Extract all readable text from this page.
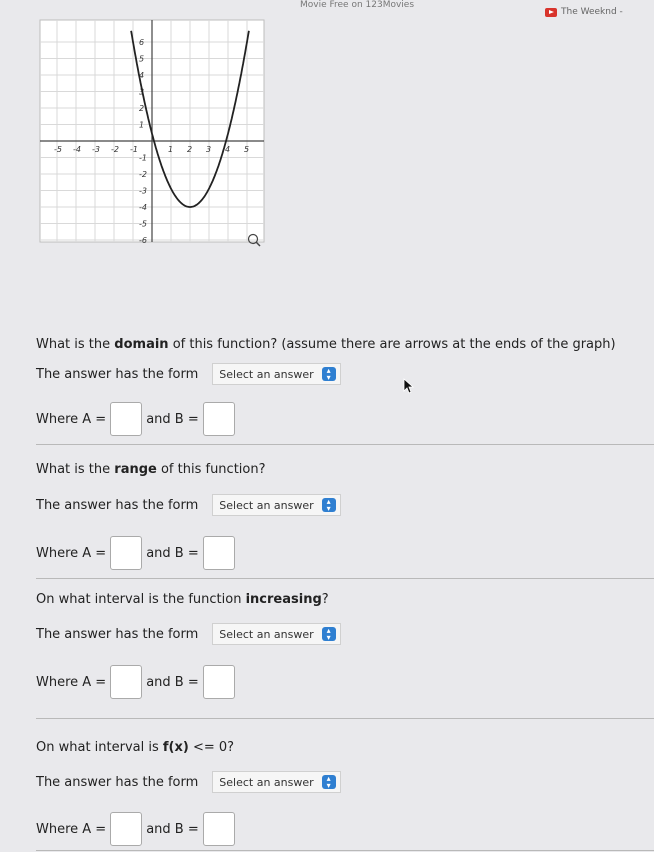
Movie Free on 123Movies
The Weeknd -
-5 -4 -3 -2 -1	1 2 3 4 5
6
5
4
3
2
1
-1
-2
-3
-4
-5
-6
What is the domain of this function? (assume there are arrows at the ends of the graph)
The answer has the form Select an answer	▴
▾
Where A =	and B =
What is the range of this function?
The answer has the form Select an answer	▴
▾
Where A =	and B =
On what interval is the function increasing?
The answer has the form Select an answer	▴
▾
Where A =	and B =
On what interval is f(x) <= 0?
The answer has the form Select an answer	▴
▾
Where A =	and B =
